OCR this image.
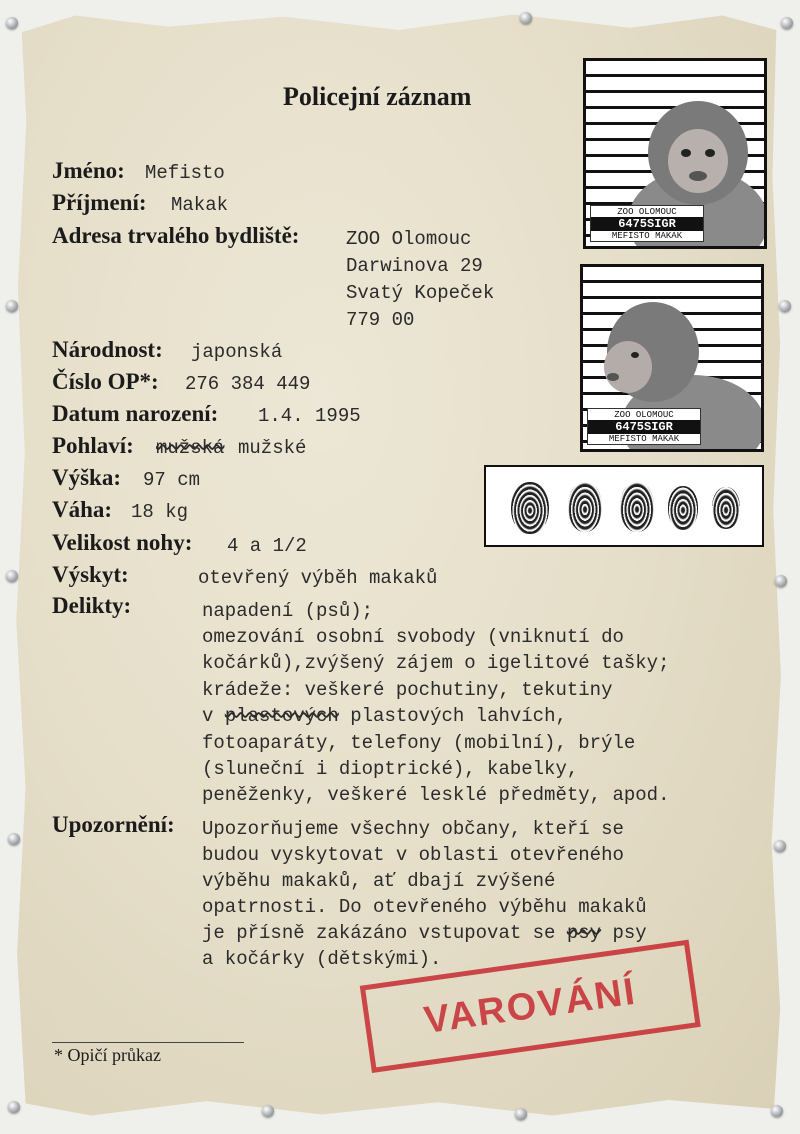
Policejní záznam
Jméno: Mefisto
Příjmení: Makak
Adresa trvalého bydliště: ZOO Olomouc
Darwinova 29
Svatý Kopeček
779 00
Národnost: japonská
Číslo OP*: 276 384 449
Datum narození: 1.4. 1995
Pohlaví: mužská mužské
Výška: 97 cm
Váha: 18 kg
Velikost nohy: 4 a 1/2
Výskyt:	otevřený výběh makaků
Delikty:	napadení (psů);
omezování osobní svobody (vniknutí do
kočárků),zvýšený zájem o igelitové tašky;
krádeže: veškeré pochutiny, tekutiny
v plastových plastových lahvích,
fotoaparáty, telefony (mobilní), brýle
(sluneční i dioptrické), kabelky,
peněženky, veškeré lesklé předměty, apod.
Upozornění: Upozorňujeme všechny občany, kteří se
budou vyskytovat v oblasti otevřeného
výběhu makaků, ať dbají zvýšené
opatrnosti. Do otevřeného výběhu makaků
je přísně zakázáno vstupovat se psy psy
a kočárky (dětskými).
ZOO OLOMOUC
6475SIGR
MEFISTO MAKAK
ZOO OLOMOUC
6475SIGR
MEFISTO MAKAK
* Opičí průkaz
VAROVÁNÍ
